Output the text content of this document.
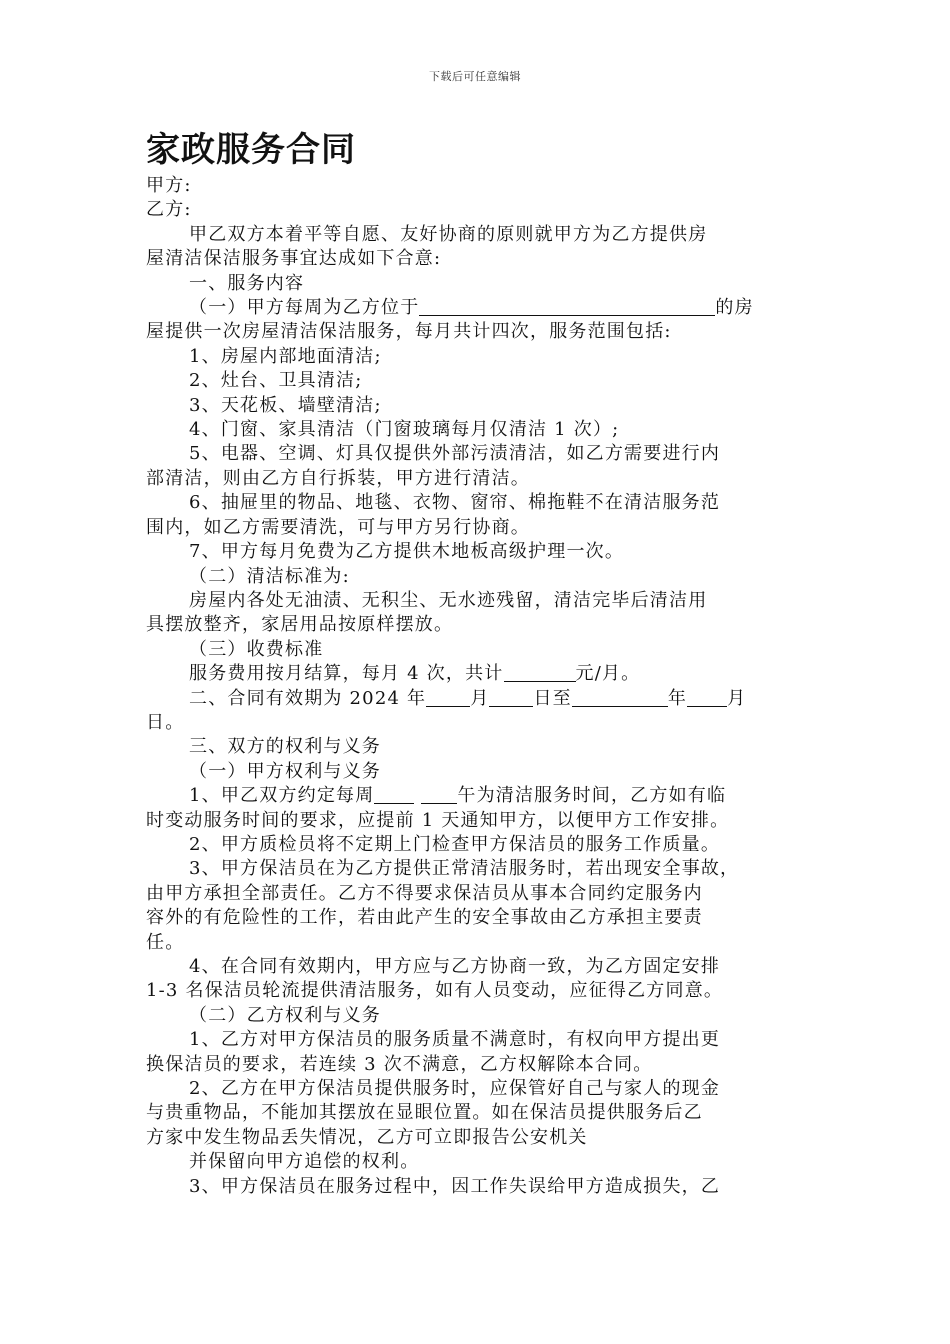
下载后可任意编辑
家政服务合同

甲方:

乙方:

甲乙双方本着平等自愿、友好协商的原则就甲方为乙方提供房

屋清洁保洁服务事宜达成如下合意:

一、服务内容

（一）甲方每周为乙方位于	的房

屋提供一次房屋清洁保洁服务，每月共计四次，服务范围包括:

1、房屋内部地面清洁;

2、灶台、卫具清洁;

3、天花板、墙壁清洁;

4、门窗、家具清洁（门窗玻璃每月仅清洁 1 次）;

5、电器、空调、灯具仅提供外部污渍清洁，如乙方需要进行内

部清洁，则由乙方自行拆装，甲方进行清洁。

6、抽屉里的物品、地毯、衣物、窗帘、棉拖鞋不在清洁服务范

围内，如乙方需要清洗，可与甲方另行协商。

7、甲方每月免费为乙方提供木地板高级护理一次。

（二）清洁标准为:

房屋内各处无油渍、无积尘、无水迹残留，清洁完毕后清洁用

具摆放整齐，家居用品按原样摆放。

（三）收费标准

服务费用按月结算，每月 4 次，共计	元/月。

二、合同有效期为 2024 年 月 日至	年 月

日。

三、双方的权利与义务

（一）甲方权利与义务

1、甲乙双方约定每周	午为清洁服务时间，乙方如有临

时变动服务时间的要求，应提前 1 天通知甲方，以便甲方工作安排。

2、甲方质检员将不定期上门检查甲方保洁员的服务工作质量。

3、甲方保洁员在为乙方提供正常清洁服务时，若出现安全事故，

由甲方承担全部责任。乙方不得要求保洁员从事本合同约定服务内

容外的有危险性的工作，若由此产生的安全事故由乙方承担主要责

任。

4、在合同有效期内，甲方应与乙方协商一致，为乙方固定安排

1-3 名保洁员轮流提供清洁服务，如有人员变动，应征得乙方同意。

（二）乙方权利与义务

1、乙方对甲方保洁员的服务质量不满意时，有权向甲方提出更

换保洁员的要求，若连续 3 次不满意，乙方权解除本合同。

2、乙方在甲方保洁员提供服务时，应保管好自己与家人的现金

与贵重物品，不能加其摆放在显眼位置。如在保洁员提供服务后乙

方家中发生物品丢失情况，乙方可立即报告公安机关

并保留向甲方追偿的权利。

3、甲方保洁员在服务过程中，因工作失误给甲方造成损失，乙
